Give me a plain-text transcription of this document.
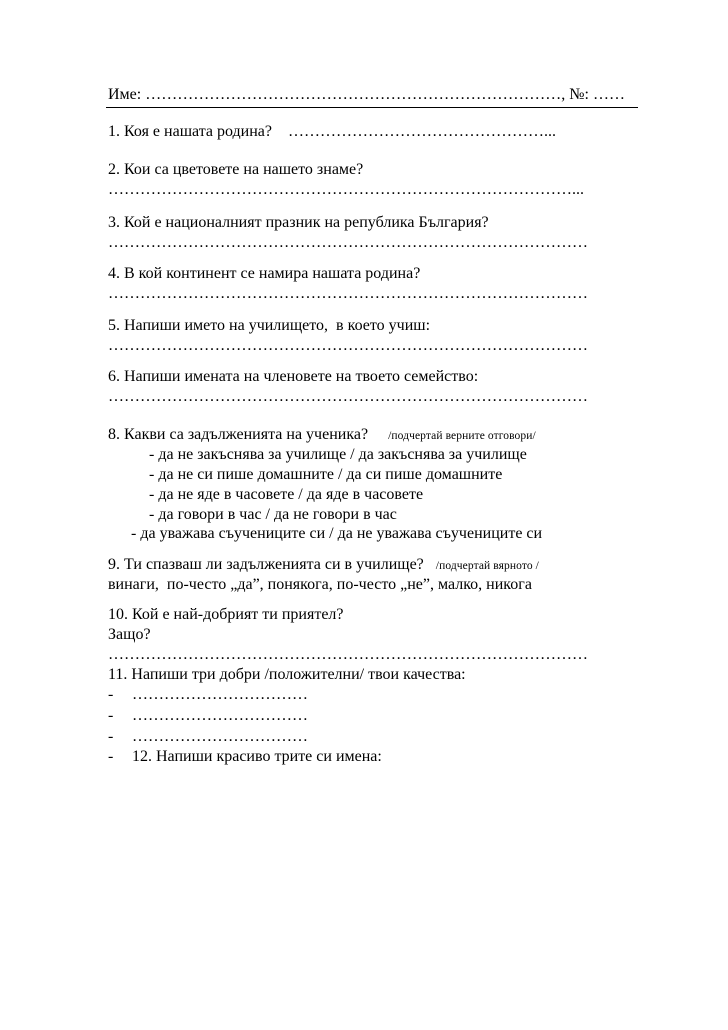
Име: ……………………………………………………………………, №: ……
1. Коя е нашата родина?    …………………………………………...
2. Кои са цветовете на нашето знаме?
……………………………………………………………………………...
3. Кой е националният празник на република България?
………………………………………………………………………………
4. В кой континент се намира нашата родина?
………………………………………………………………………………
5. Напиши името на училището,  в което учиш:
………………………………………………………………………………
6. Напиши имената на членовете на твоето семейство:
………………………………………………………………………………
8. Какви са задълженията на ученика? /подчертай верните отговори/
- да не закъснява за училище / да закъснява за училище
- да не си пише домашните / да си пише домашните
- да не яде в часовете / да яде в часовете
- да говори в час / да не говори в час
- да уважава съучениците си / да не уважава съучениците си
9. Ти спазваш ли задълженията си в училище? /подчертай вярното /
винаги,  по-често „да”, понякога, по-често „не”, малко, никога
10. Кой е най-добрият ти приятел?
Защо?
………………………………………………………………………………
11. Напиши три добри /положителни/ твои качества:
- ……………………………
- ……………………………
- ……………………………
- 12. Напиши красиво трите си имена:
